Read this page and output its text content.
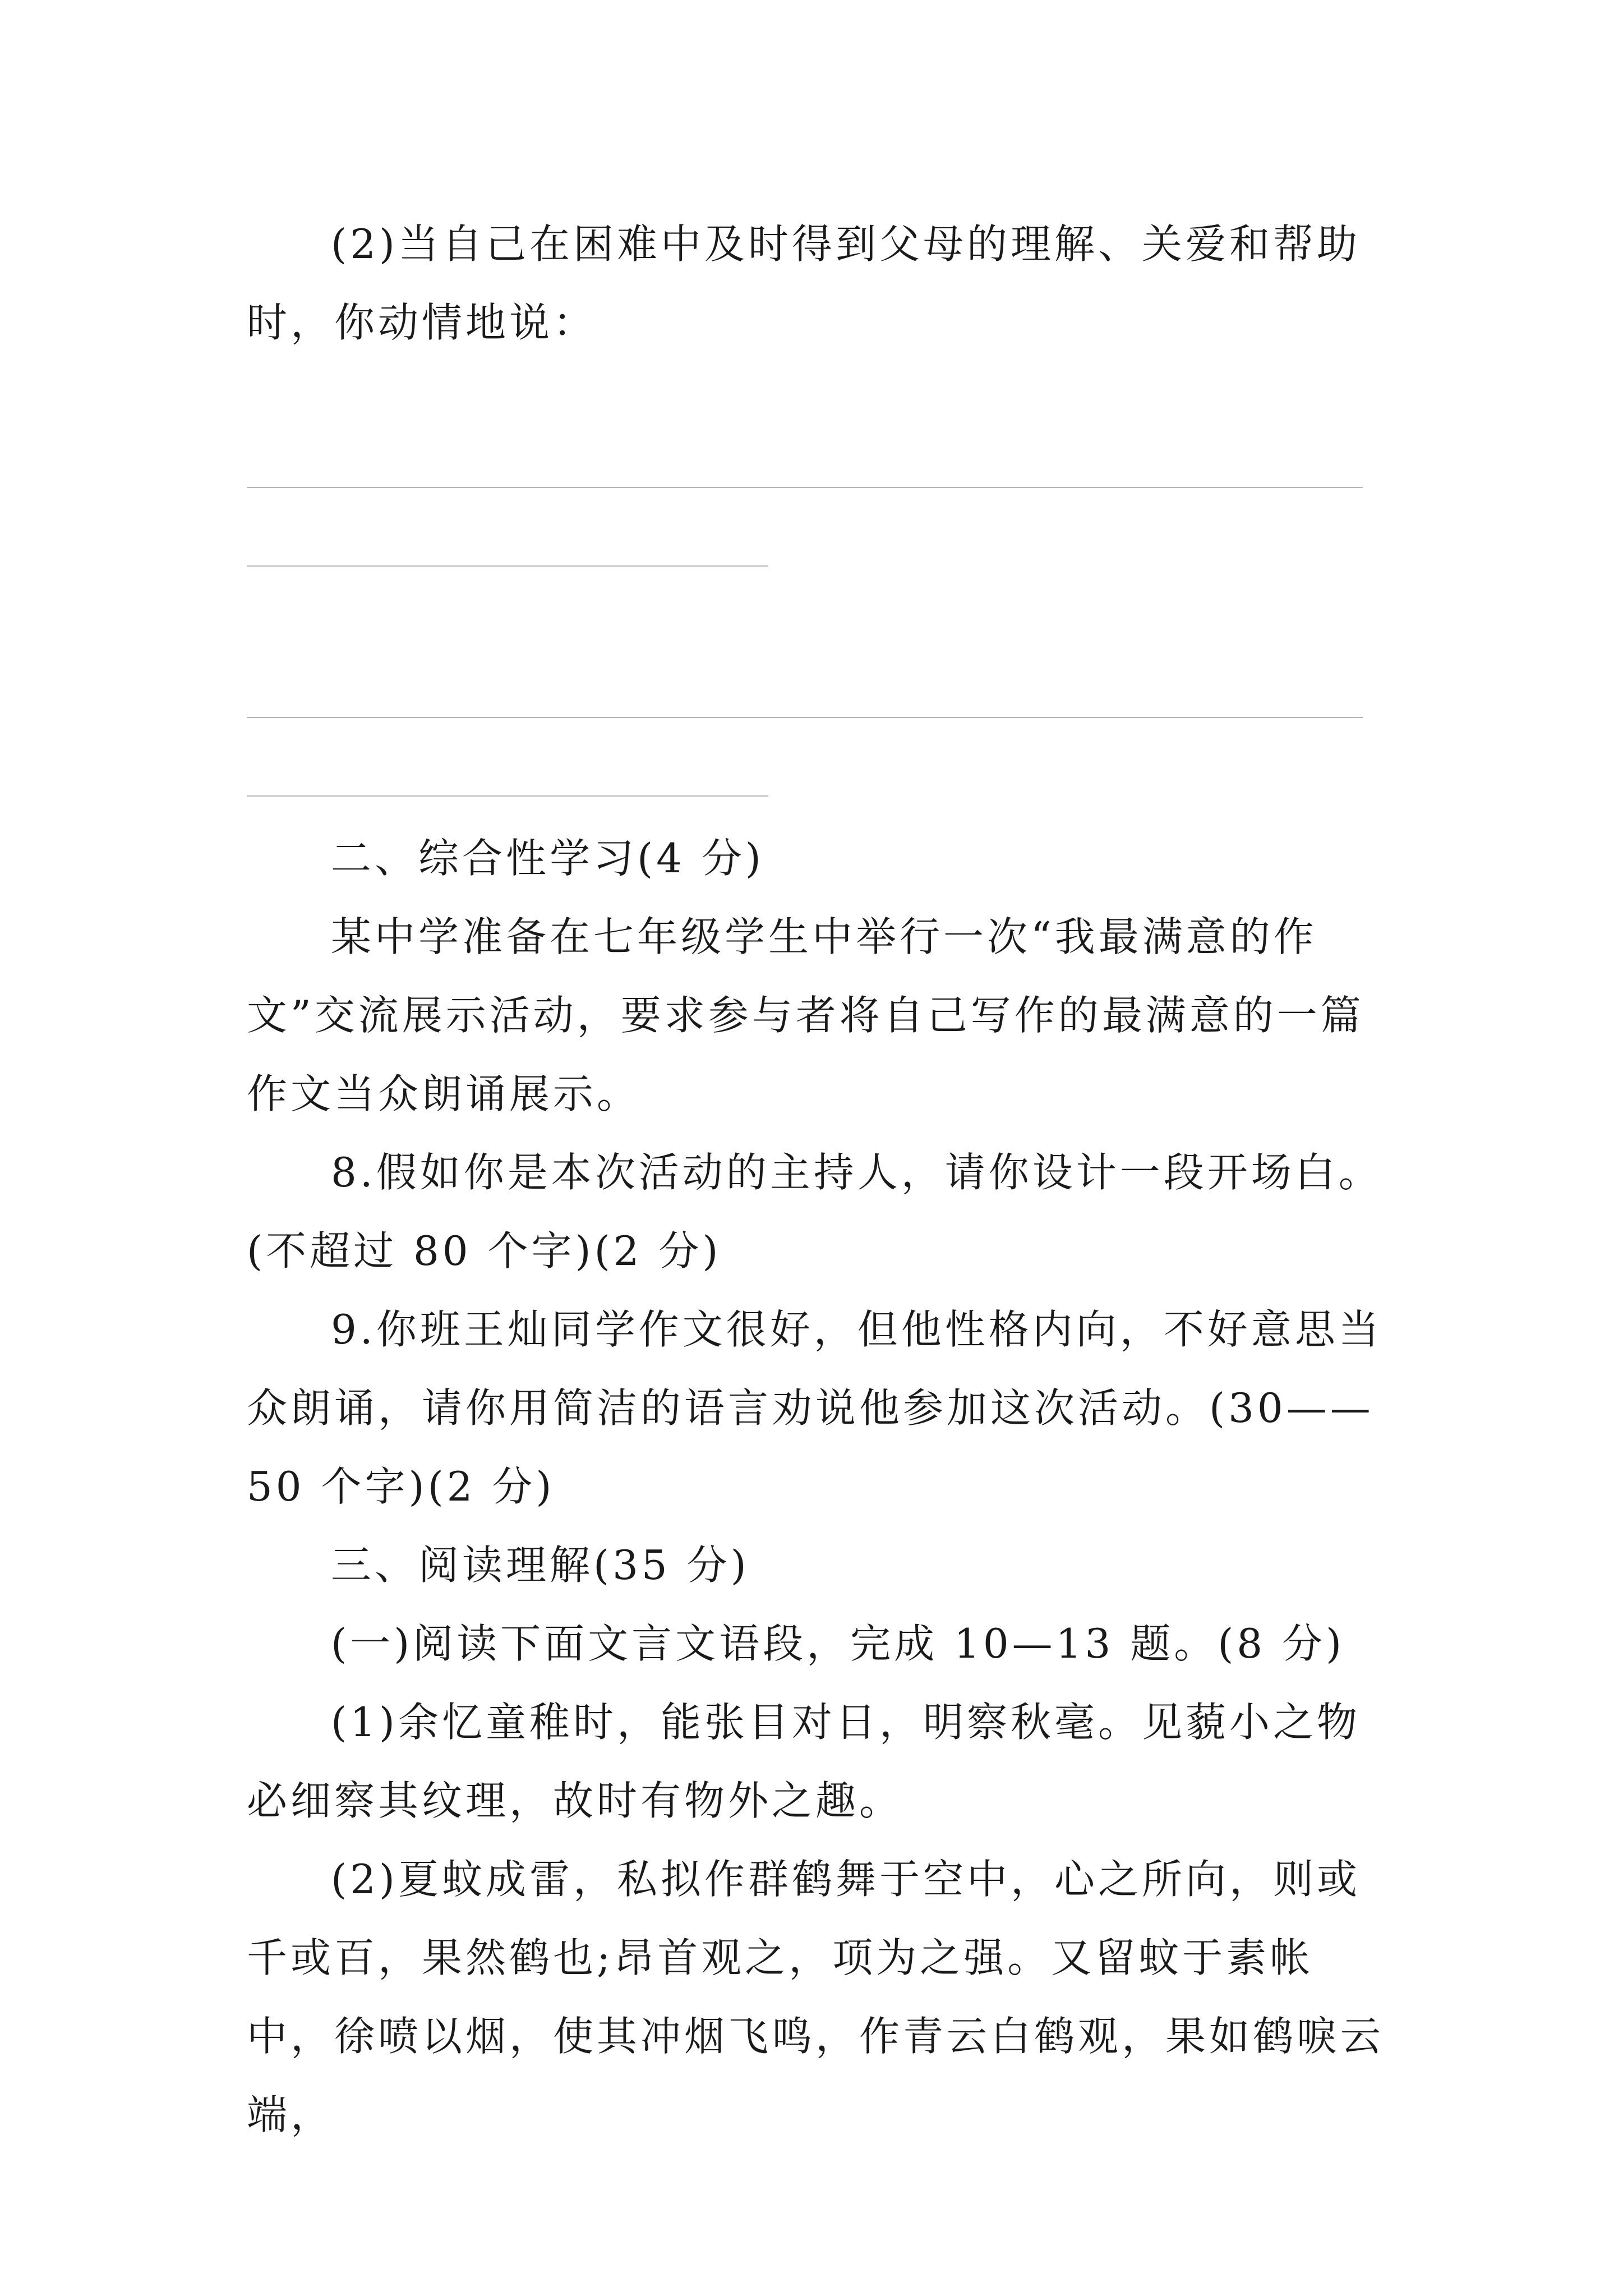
(2)当自己在困难中及时得到父母的理解、关爱和帮助时，你动情地说：

二、综合性学习(4 分)

某中学准备在七年级学生中举行一次“我最满意的作文”交流展示活动，要求参与者将自己写作的最满意的一篇作文当众朗诵展示。

8.假如你是本次活动的主持人，请你设计一段开场白。(不超过 80 个字)(2 分)

9.你班王灿同学作文很好，但他性格内向，不好意思当众朗诵，请你用简洁的语言劝说他参加这次活动。(30——50 个字)(2 分)

三、阅读理解(35 分)

(一)阅读下面文言文语段，完成 10—13 题。(8 分)

(1)余忆童稚时，能张目对日，明察秋毫。见藐小之物必细察其纹理，故时有物外之趣。

(2)夏蚊成雷，私拟作群鹤舞于空中，心之所向，则或千或百，果然鹤也;昂首观之，项为之强。又留蚊于素帐中，徐喷以烟，使其冲烟飞鸣，作青云白鹤观，果如鹤唳云端，
